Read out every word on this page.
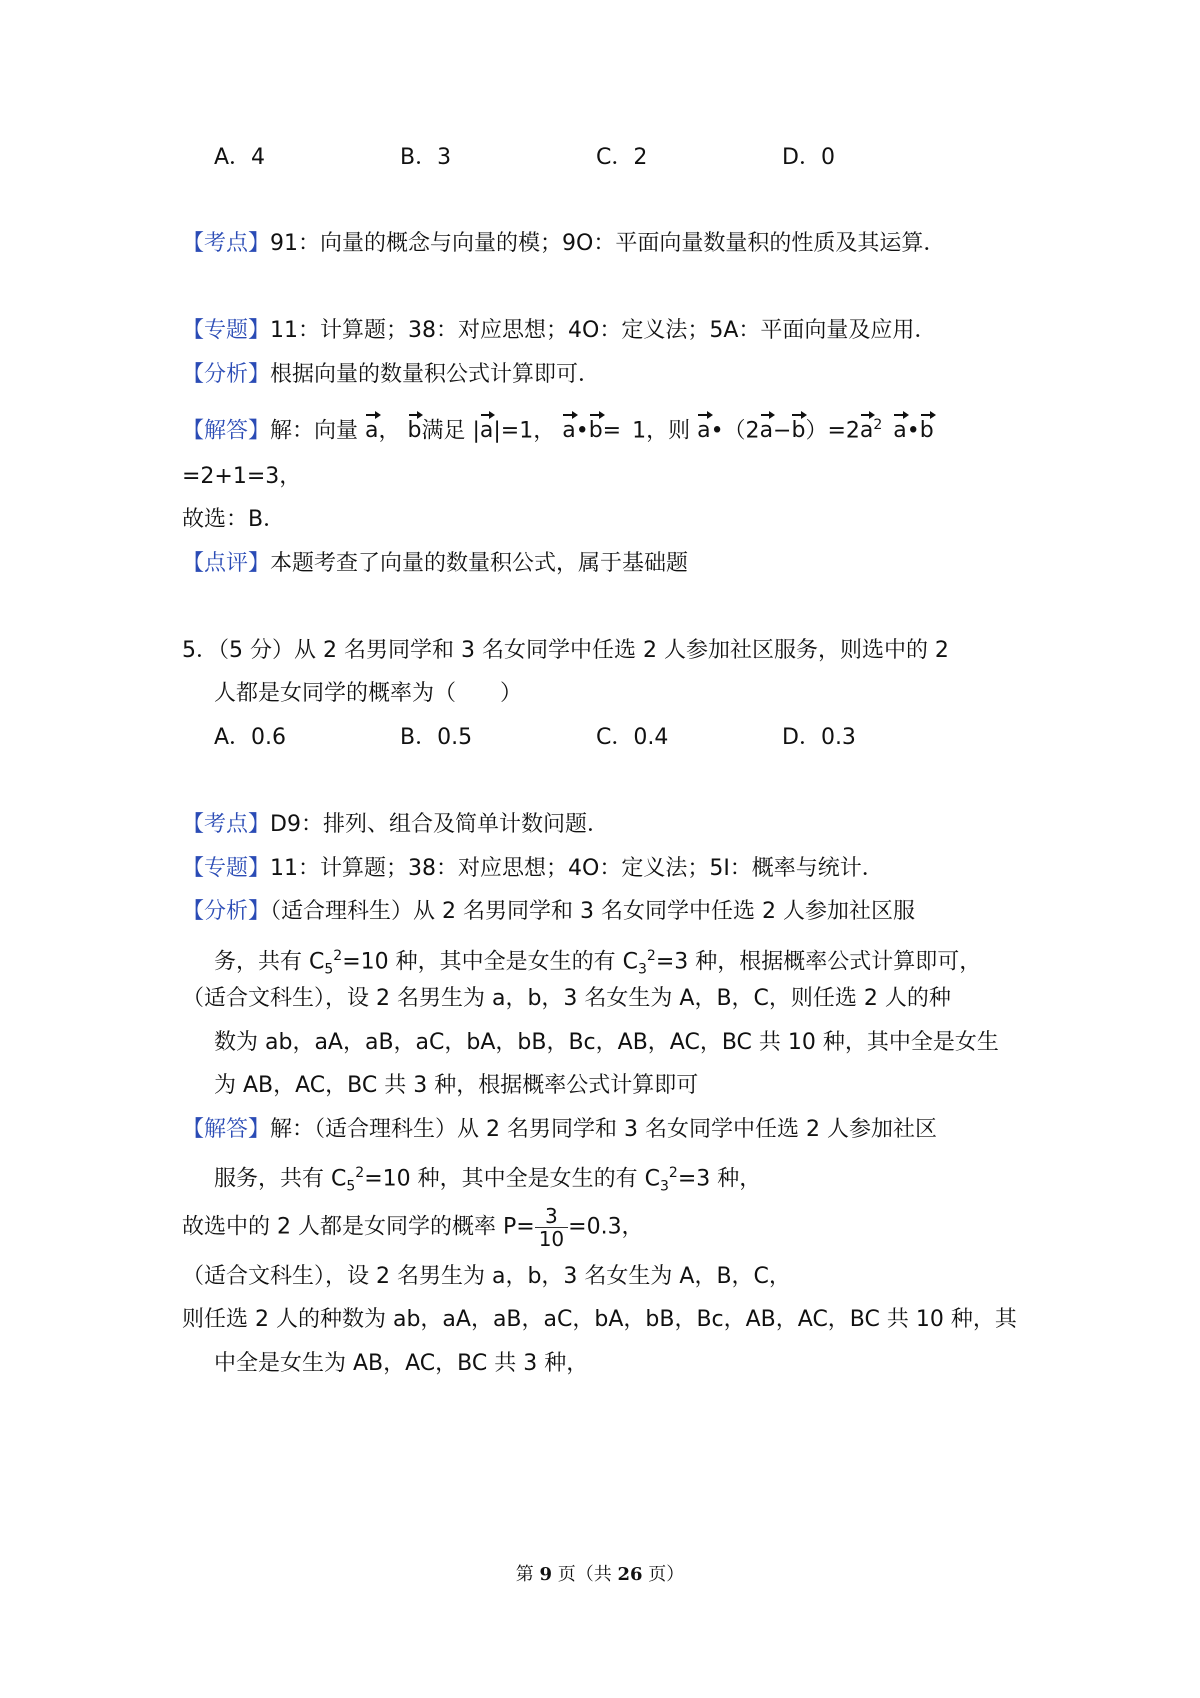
A．4	B．3	C．2	D．0
【考点】91：向量的概念与向量的模；9O：平面向量数量积的性质及其运算．
【专题】11：计算题；38：对应思想；4O：定义法；5A：平面向量及应用．
【分析】根据向量的数量积公式计算即可．
【解答】解：向量 a， b满足 |a|=1， a•b= 1，则 $a•(2a-b)=2a^2$  a•b
=2+1=3，
故选：B．
【点评】本题考查了向量的数量积公式，属于基础题
5．（5 分）从 2 名男同学和 3 名女同学中任选 2 人参加社区服务，则选中的 2
人都是女同学的概率为（　　）
A．0.6	B．0.5	C．0.4	D．0.3
【考点】D9：排列、组合及简单计数问题．
【专题】11：计算题；38：对应思想；4O：定义法；5I：概率与统计．
【分析】（适合理科生）从 2 名男同学和 3 名女同学中任选 2 人参加社区服
务，共有 $C_5^2=10$ 种，其中全是女生的有 $C_3^2=3$ 种，根据概率公式计算即可，
（适合文科生），设 2 名男生为 a，b，3 名女生为 A，B，C，则任选 2 人的种
数为 ab，aA，aB，aC，bA，bB，Bc，AB，AC，BC 共 10 种，其中全是女生
为 AB，AC，BC 共 3 种，根据概率公式计算即可
【解答】解：（适合理科生）从 2 名男同学和 3 名女同学中任选 2 人参加社区
服务，共有 $C_5^2=10$ 种，其中全是女生的有 $C_3^2=3$ 种，
故选中的 2 人都是女同学的概率 $P= \frac{3}{10} =0.3$，
（适合文科生），设 2 名男生为 a，b，3 名女生为 A，B，C，
则任选 2 人的种数为 ab，aA，aB，aC，bA，bB，Bc，AB，AC，BC 共 10 种，其
中全是女生为 AB，AC，BC 共 3 种，
第 9 页（共 26 页）
